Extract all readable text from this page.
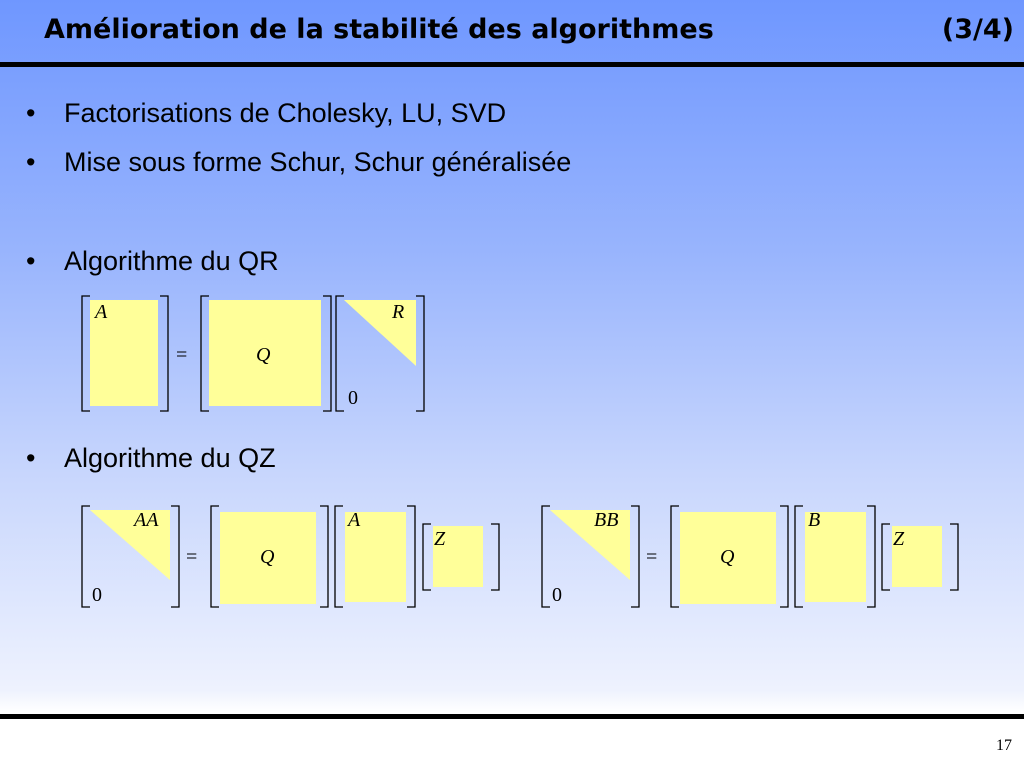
Amélioration de la stabilité des algorithmes	(3/4)
• Factorisations de Cholesky, LU, SVD
• Mise sous forme Schur, Schur généralisée
• Algorithme du QR
• Algorithme du QZ
A
=	Q
R
0
AA
=	Q
A
Z
0
BB
=	Q
B
Z
0
17
